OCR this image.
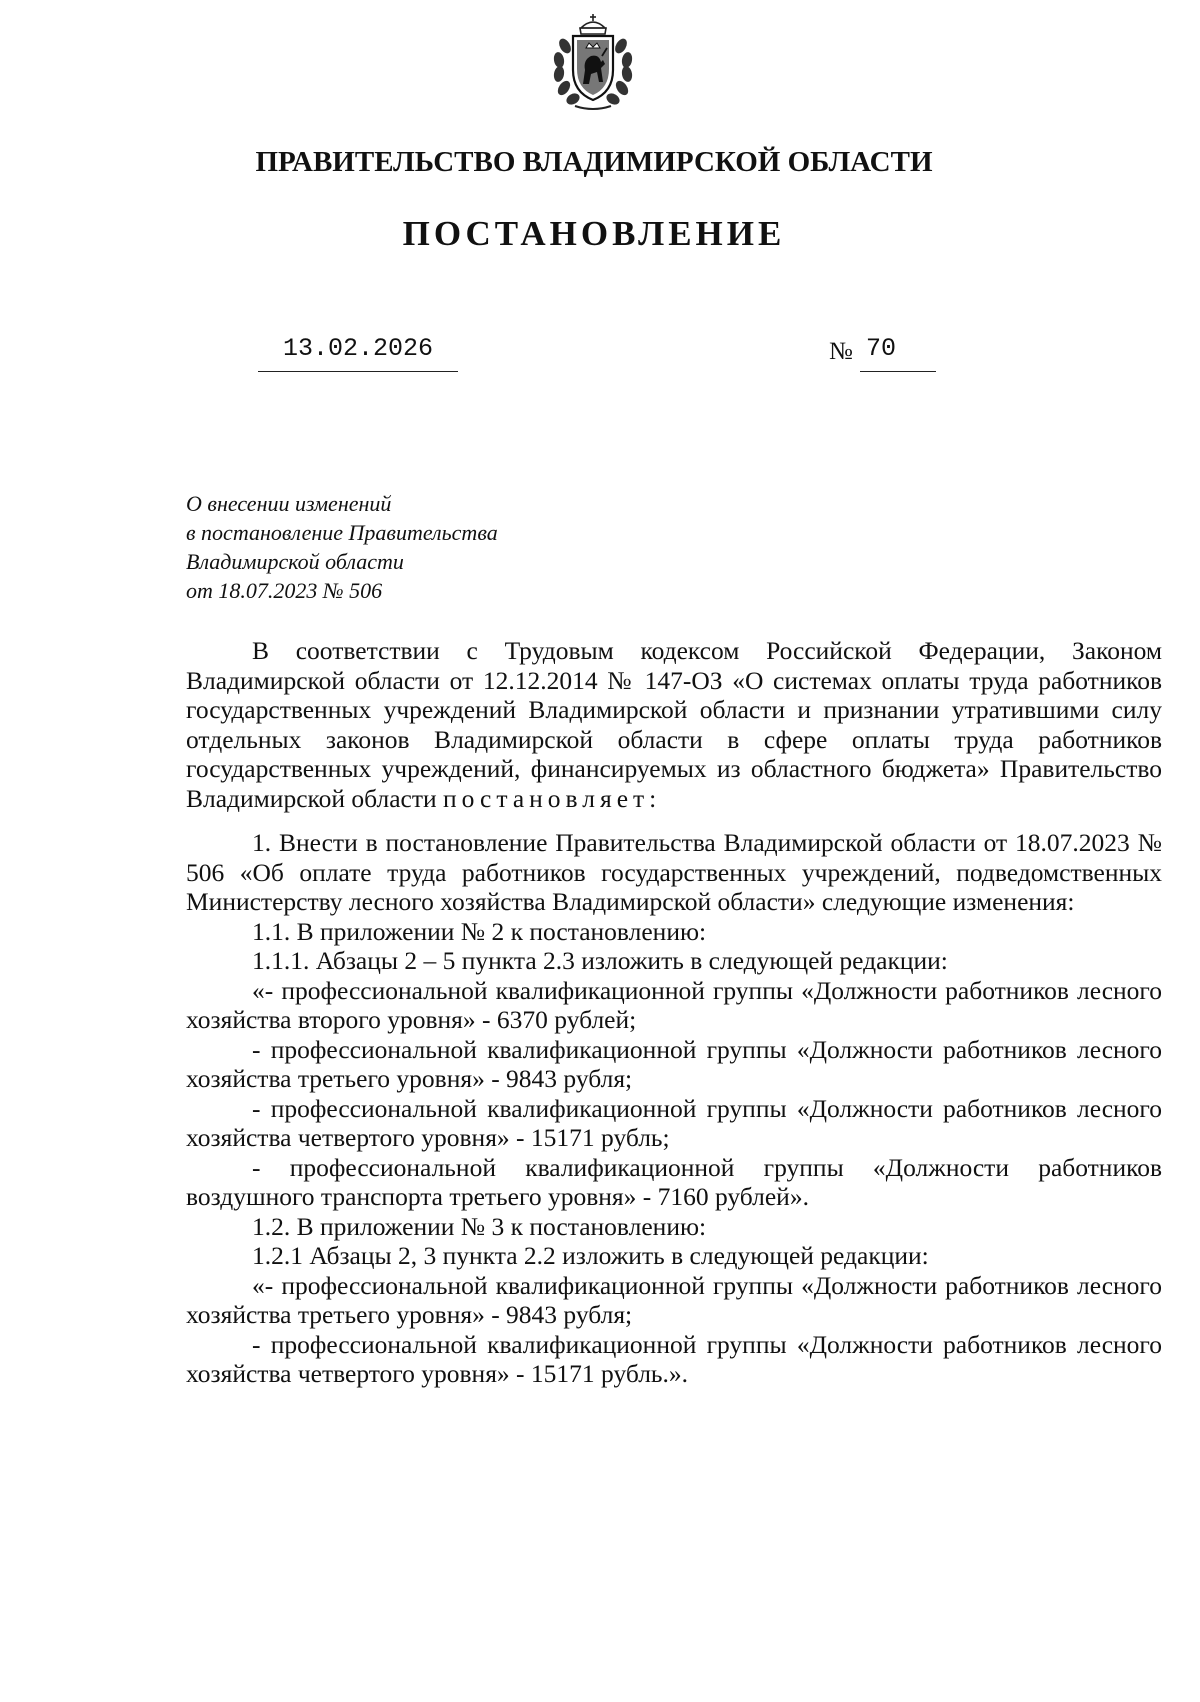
ПРАВИТЕЛЬСТВО ВЛАДИМИРСКОЙ ОБЛАСТИ
ПОСТАНОВЛЕНИЕ
13.02.2026	№ 70
О внесении изменений
в постановление Правительства
Владимирской области
от 18.07.2023 № 506

В соответствии с Трудовым кодексом Российской Федерации, Законом Владимирской области от 12.12.2014 № 147-ОЗ «О системах оплаты труда работников государственных учреждений Владимирской области и признании утратившими силу отдельных законов Владимирской области в сфере оплаты труда работников государственных учреждений, финансируемых из областного бюджета» Правительство Владимирской области постановляет:

1. Внести в постановление Правительства Владимирской области от 18.07.2023 № 506 «Об оплате труда работников государственных учреждений, подведомственных Министерству лесного хозяйства Владимирской области» следующие изменения:

1.1. В приложении № 2 к постановлению:

1.1.1. Абзацы 2 – 5 пункта 2.3 изложить в следующей редакции:

«- профессиональной квалификационной группы «Должности работников лесного хозяйства второго уровня» - 6370 рублей;

- профессиональной квалификационной группы «Должности работников лесного хозяйства третьего уровня» - 9843 рубля;

- профессиональной квалификационной группы «Должности работников лесного хозяйства четвертого уровня» - 15171 рубль;

- профессиональной квалификационной группы «Должности работников воздушного транспорта третьего уровня» - 7160 рублей».

1.2. В приложении № 3 к постановлению:

1.2.1 Абзацы 2, 3 пункта 2.2 изложить в следующей редакции:

«- профессиональной квалификационной группы «Должности работников лесного хозяйства третьего уровня» - 9843 рубля;

- профессиональной квалификационной группы «Должности работников лесного хозяйства четвертого уровня» - 15171 рубль.».
